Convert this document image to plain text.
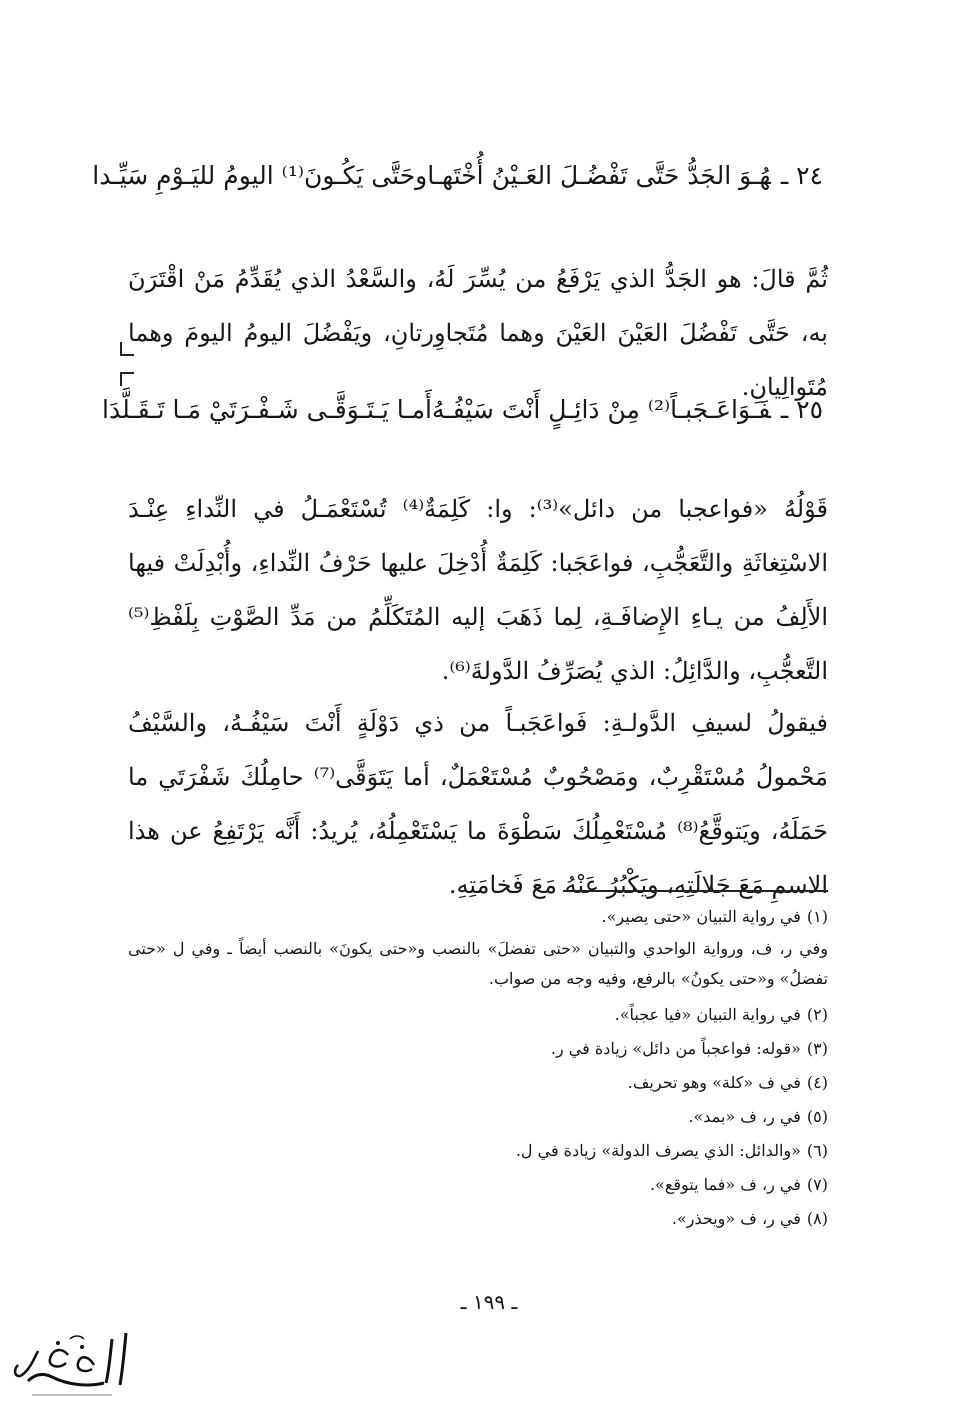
٢٤ ـهُـوَ الجَدُّ حَتَّى تَفْضُـلَ العَـيْنُ أُخْتَهـا
وحَتَّى يَكُـونَ⁽¹⁾ اليومُ لليَـوْمِ سَيِّـدا

ثُمَّ قالَ: هو الجَدُّ الذي يَرْفَعُ من يُسِّرَ لَهُ، والسَّعْدُ الذي يُقَدِّمُ مَنْ اقْتَرَنَ به، حَتَّى تَفْضُلَ العَيْنَ العَيْنَ وهما مُتَجاوِرتانِ، ويَفْضُلَ اليومُ اليومَ وهما مُتَوالِيانِ.

٢٥ ـفَـوَاعَـجَبـاً⁽²⁾ مِنْ دَائِـلٍ أَنْتَ سَيْفُـهُ
أَمـا يَـتَـوَقَّـى شَـفْـرَتَيْ مَـا تَـقَـلَّدَا

قَوْلُهُ «فواعجبا من دائل»⁽³⁾: وا: كَلِمَةٌ⁽⁴⁾ تُسْتَعْمَـلُ في النِّداءِ عِنْـدَ الاسْتِغاثَةِ والتَّعَجُّبِ، فواعَجَبا: كَلِمَةٌ أُدْخِلَ عليها حَرْفُ النِّداءِ، وأُبْدِلَتْ فيها الأَلِفُ من يـاءِ الإِضافَـةِ، لِما ذَهَبَ إليه المُتَكَلِّمُ من مَدِّ الصَّوْتِ بِلَفْظِ⁽⁵⁾ التَّعجُّبِ، والدَّائِلُ: الذي يُصَرِّفُ الدَّولةَ⁽⁶⁾.

فيقولُ لسيفِ الدَّولـةِ: فَواعَجَبـاً من ذي دَوْلَةٍ أَنْتَ سَيْفُـهُ، والسَّيْفُ مَحْمولُ مُسْتَقْرِبٌ، ومَصْحُوبٌ مُسْتَعْمَلٌ، أما يَتَوَقَّى⁽⁷⁾ حامِلُكَ شَفْرَتَي ما حَمَلَهُ، ويَتوقَّعُ⁽⁸⁾ مُسْتَعْمِلُكَ سَطْوَةَ ما يَسْتَعْمِلُهُ، يُريدُ: أَنَّه يَرْتَفِعُ عن هذا الاسمِ مَعَ جَلالَتِهِ، ويَكْبُرُ عَنْهُ مَعَ فَخامَتِهِ.

(١)في رواية التبيان «حتى يصير».

وفي ر، ف، ورواية الواحدي والتبيان «حتى تفضلَ» بالنصب و«حتى يكونَ» بالنصب أيضاً ـ وفي ل «حتى تفضلُ» و«حتى يكونُ» بالرفع، وفيه وجه من صواب.

(٢)في رواية التبيان «فيا عجباً».

(٣)«قوله: فواعجباً من دائل» زيادة في ر.

(٤)في ف «كلة» وهو تحريف.

(٥)في ر، ف «بمد».

(٦)«والدائل: الذي يصرف الدولة» زيادة في ل.

(٧)في ر، ف «فما يتوقع».

(٨)في ر، ف «ويحذر».

ـ ١٩٩ ـ
